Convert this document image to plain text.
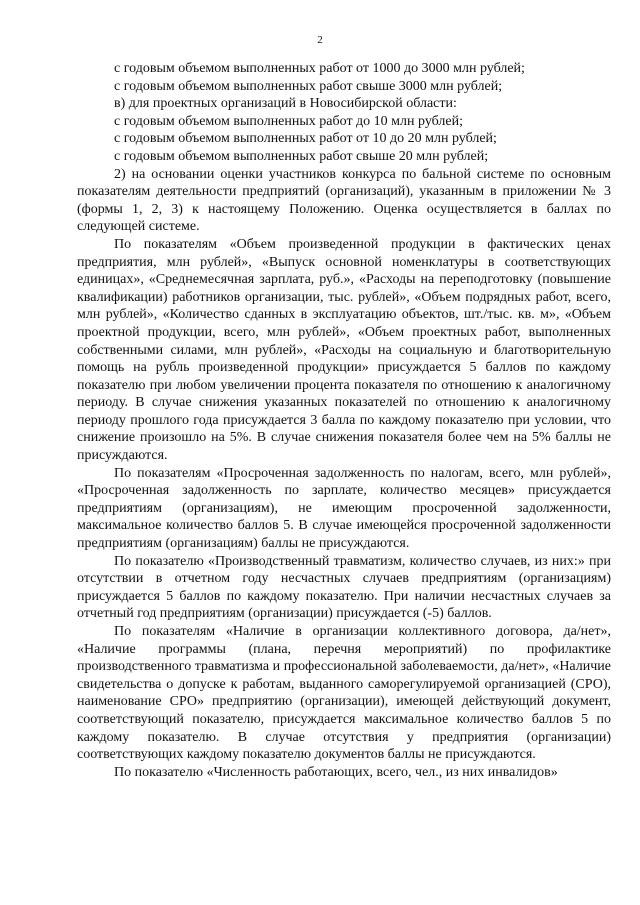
2

с годовым объемом выполненных работ от 1000 до 3000 млн рублей;

с годовым объемом выполненных работ свыше 3000 млн рублей;

в) для проектных организаций в Новосибирской области:

с годовым объемом выполненных работ до 10 млн рублей;

с годовым объемом выполненных работ от 10 до 20 млн рублей;

с годовым объемом выполненных работ свыше 20 млн рублей;

2) на основании оценки участников конкурса по бальной системе по основным показателям деятельности предприятий (организаций), указанным в приложении № 3 (формы 1, 2, 3) к настоящему Положению. Оценка осуществляется в баллах по следующей системе.

По показателям «Объем произведенной продукции в фактических ценах предприятия, млн рублей», «Выпуск основной номенклатуры в соответствующих единицах», «Среднемесячная зарплата, руб.», «Расходы на переподготовку (повышение квалификации) работников организации, тыс. рублей», «Объем подрядных работ, всего, млн рублей», «Количество сданных в эксплуатацию объектов, шт./тыс. кв. м», «Объем проектной продукции, всего, млн рублей», «Объем проектных работ, выполненных собственными силами, млн рублей», «Расходы на социальную и благотворительную помощь на рубль произведенной продукции» присуждается 5 баллов по каждому показателю при любом увеличении процента показателя по отношению к аналогичному периоду. В случае снижения указанных показателей по отношению к аналогичному периоду прошлого года присуждается 3 балла по каждому показателю при условии, что снижение произошло на 5%. В случае снижения показателя более чем на 5% баллы не присуждаются.

По показателям «Просроченная задолженность по налогам, всего, млн рублей», «Просроченная задолженность по зарплате, количество месяцев» присуждается предприятиям (организациям), не имеющим просроченной задолженности, максимальное количество баллов 5. В случае имеющейся просроченной задолженности предприятиям (организациям) баллы не присуждаются.

По показателю «Производственный травматизм, количество случаев, из них:» при отсутствии в отчетном году несчастных случаев предприятиям (организациям) присуждается 5 баллов по каждому показателю. При наличии несчастных случаев за отчетный год предприятиям (организации) присуждается (-5) баллов.

По показателям «Наличие в организации коллективного договора, да/нет», «Наличие программы (плана, перечня мероприятий) по профилактике производственного травматизма и профессиональной заболеваемости, да/нет», «Наличие свидетельства о допуске к работам, выданного саморегулируемой организацией (СРО), наименование СРО» предприятию (организации), имеющей действующий документ, соответствующий показателю, присуждается максимальное количество баллов 5 по каждому показателю. В случае отсутствия у предприятия (организации) соответствующих каждому показателю документов баллы не присуждаются.

По показателю «Численность работающих, всего, чел., из них инвалидов»
